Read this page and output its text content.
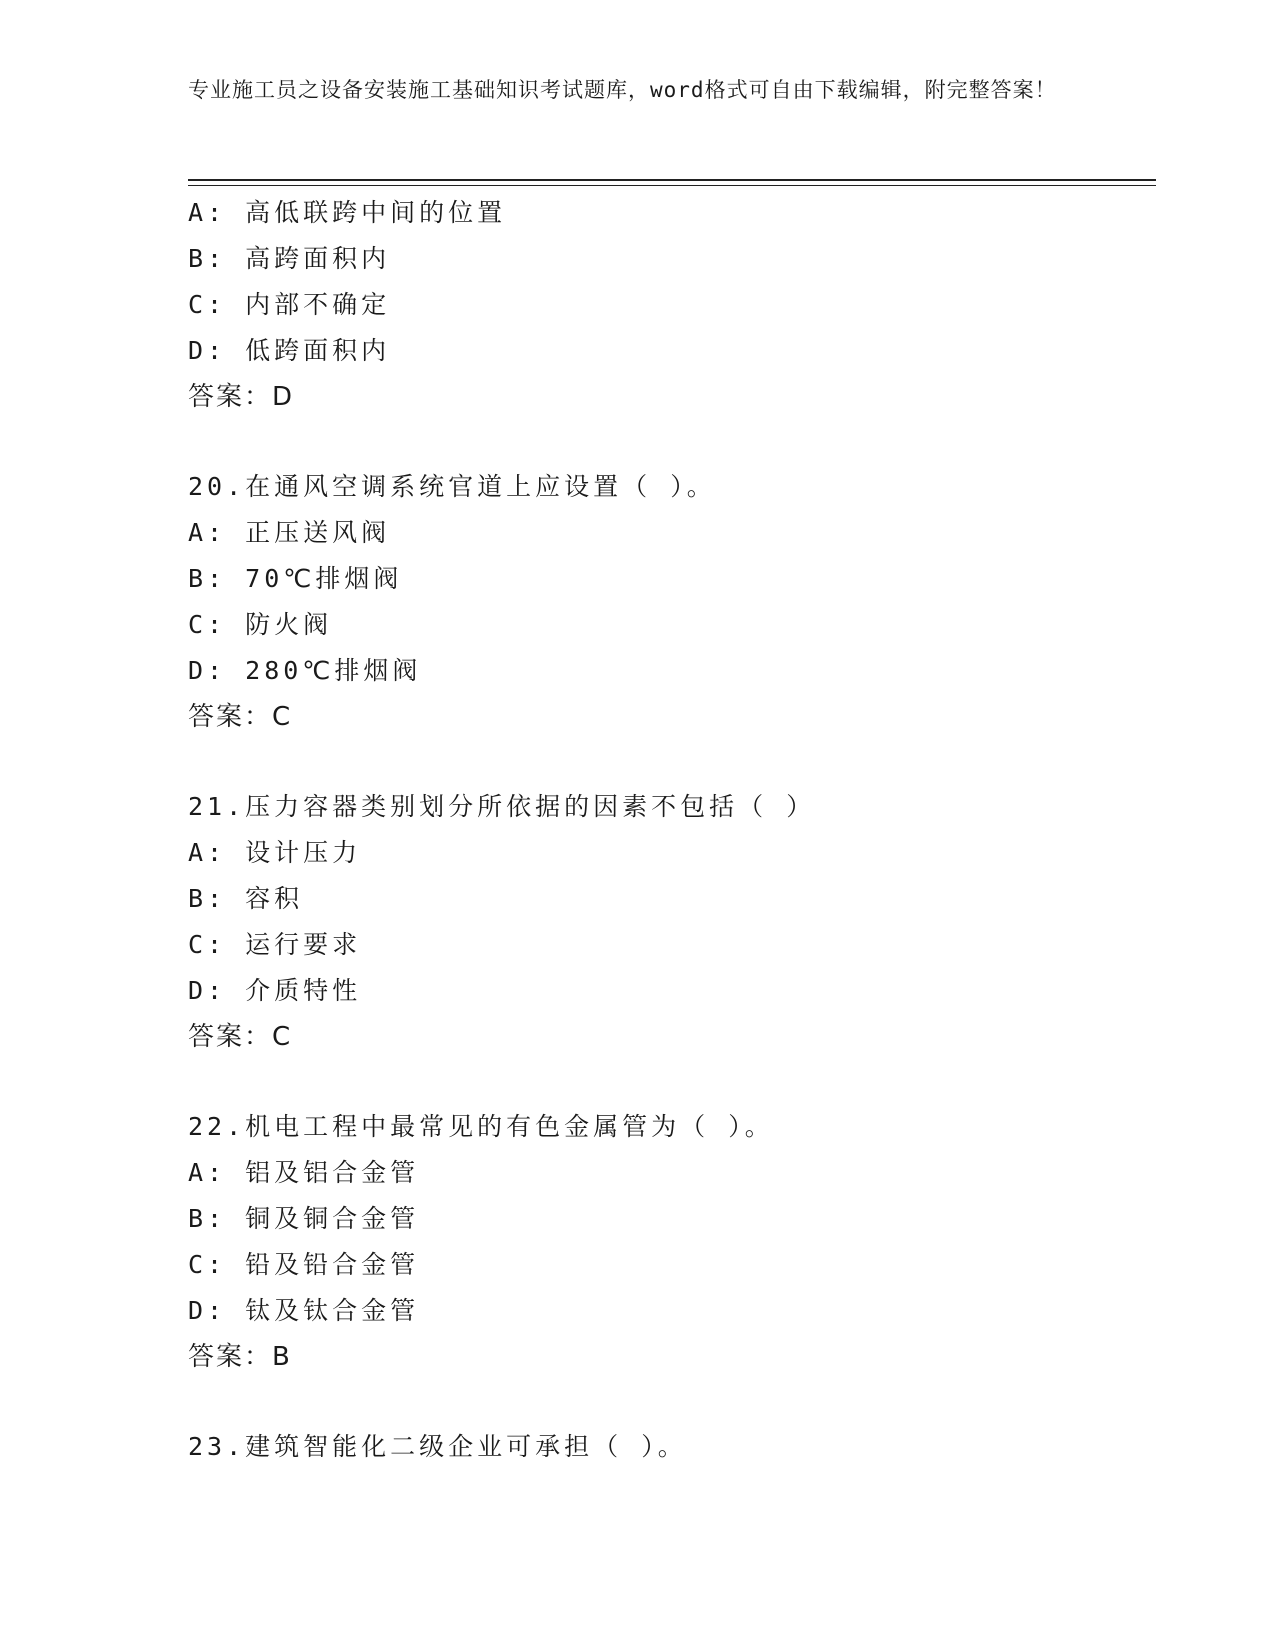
专业施工员之设备安装施工基础知识考试题库，word格式可自由下载编辑，附完整答案！
A: 高低联跨中间的位置
B: 高跨面积内
C: 内部不确定
D: 低跨面积内
答案：D
20.在通风空调系统官道上应设置（ ）。
A: 正压送风阀
B: 70℃排烟阀
C: 防火阀
D: 280℃排烟阀
答案：C
21.压力容器类别划分所依据的因素不包括（ ）
A: 设计压力
B: 容积
C: 运行要求
D: 介质特性
答案：C
22.机电工程中最常见的有色金属管为（ ）。
A: 铝及铝合金管
B: 铜及铜合金管
C: 铅及铅合金管
D: 钛及钛合金管
答案：B
23.建筑智能化二级企业可承担（ ）。
